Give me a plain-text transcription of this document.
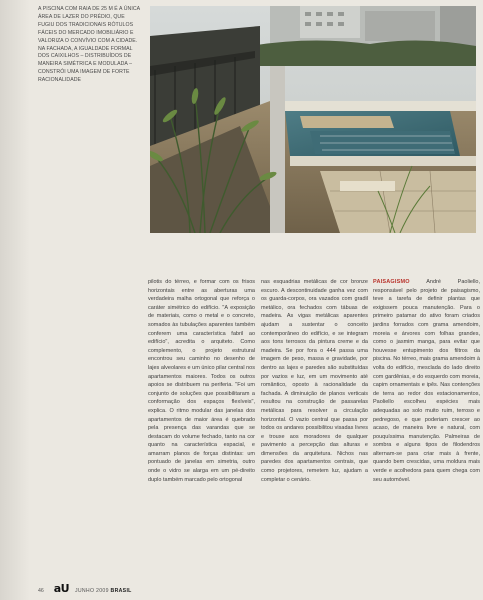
A PISCINA COM RAIA DE 25 M É A ÚNICA ÁREA DE LAZER DO PRÉDIO, QUE FUGIU DOS TRADICIONAIS RÓTULOS FÁCEIS DO MERCADO IMOBILIÁRIO E VALORIZA O CONVÍVIO COM A CIDADE. NA FACHADA, A IGUALDADE FORMAL DOS CAIXILHOS – DISTRIBUÍDOS DE MANEIRA SIMÉTRICA E MODULADA – CONSTRÓI UMA IMAGEM DE FORTE RACIONALIDADE

pilotis do térreo, e formar com os frisos horizontais entre as aberturas uma verdadeira malha ortogonal que reforça o caráter simétrico do edifício. "A exposição de materiais, como o metal e o concreto, somados às tubulações aparentes também conferem uma característica fabril ao edifício", acredita o arquiteto. Como complemento, o projeto estrutural encontrou seu caminho no desenho de lajes alveolares e um único pilar central nos apartamentos maiores. Todos os outros apoios se distribuem na periferia. "Foi um conjunto de soluções que possibilitaram a conformação dos espaços flexíveis", explica. O ritmo modular das janelas dos apartamentos de maior área é quebrado pela presença das varandas que se destacam do volume fechado, tanto na cor quanto na característica espacial, e amarram planos de forças distintas: um pontuado de janelas em simetria, outro onde o vidro se alarga em um pé-direito duplo também marcado pelo ortogonal

nas esquadrias metálicas de cor bronze escuro. A descontinuidade ganha vez com os guarda-corpos, ora vazados com gradil metálico, ora fechados com tábuas de madeira. As vigas metálicas aparentes ajudam a sustentar o conceito contemporâneo do edifício, e se integram aos tons terrosos da pintura creme e da madeira. Se por fora o 444 passa uma imagem de peso, massa e gravidade, por dentro as lajes e paredes são substituídas por vazios e luz, em um movimento até romântico, oposto à racionalidade da fachada. A diminuição de planos verticais resultou na construção de passarelas metálicas para resolver a circulação horizontal. O vazio central que passa por todos os andares possibilitou visadas livres e trouxe aos moradores de qualquer pavimento a percepção das alturas e dimensões da arquitetura. Nichos nas paredes dos apartamentos centrais, que como projetores, remetem luz, ajudam a completar o cenário.

PAISAGISMO André Paoliello, responsável pelo projeto de paisagismo, teve a tarefa de definir plantas que exigissem pouca manutenção. Para o primeiro patamar do ativo foram criados jardins forrados com grama amendoim, moreia e árvores com folhas grandes, como o jasmim manga, para evitar que houvesse entupimento dos filtros da piscina. No térreo, mais grama amendoim à volta do edifício, mesclada do lado direito com gardênias, e do esquerdo com moreia, capim ornamentais e ipês. Nas contenções de terra ao redor dos estacionamentos, Paoliello escolheu espécies mais adequadas ao solo muito ruim, terroso e pedregoso, e que poderiam crescer ao acaso, de maneira livre e natural, com pouquíssima manutenção. Palmeiras de sombra e alguns tipos de filodendros alternam-se para criar mais à frente, quando bem crescidas, uma moldura mais verde e acolhedora para quem chega com seu automóvel.

46 aU JUNHO 2009 BRASIL
